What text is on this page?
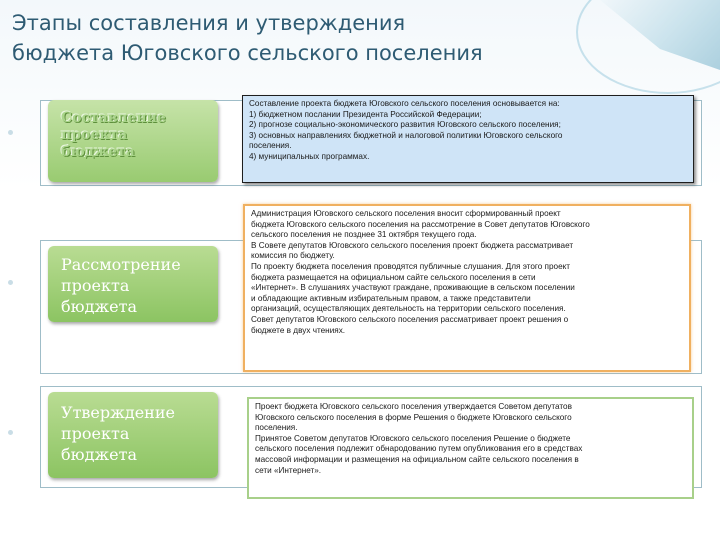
Этапы составления и утверждения
бюджета Юговского сельского поселения
Составление
проекта
бюджета
Составление проекта бюджета Юговского сельского поселения основывается на:
1) бюджетном послании Президента Российской Федерации;
2) прогнозе социально-экономического развития Юговского сельского поселения;
3) основных направлениях бюджетной и налоговой политики Юговского сельского
поселения.
4) муниципальных программах.
Рассмотрение
проекта
бюджета
Администрация Юговского сельского поселения вносит сформированный проект
бюджета Юговского сельского поселения на рассмотрение в Совет депутатов Юговского
сельского поселения не позднее 31 октября текущего года.
В Совете депутатов Юговского сельского поселения проект бюджета рассматривает
комиссия по бюджету.
По проекту бюджета поселения проводятся публичные слушания. Для этого проект
бюджета размещается на официальном сайте сельского поселения в сети
«Интернет». В слушаниях участвуют граждане, проживающие в сельском поселении
и обладающие активным избирательным правом, а также представители
организаций, осуществляющих деятельность на территории сельского поселения.
Совет депутатов Юговского сельского поселения рассматривает проект решения о
бюджете в двух чтениях.
Утверждение
проекта
бюджета
Проект бюджета Юговского сельского поселения утверждается Советом депутатов
Юговского сельского поселения в форме Решения о бюджете Юговского сельского
поселения.
Принятое Советом депутатов Юговского сельского поселения Решение о бюджете
сельского поселения подлежит обнародованию путем опубликования его в средствах
массовой информации и размещения на официальном сайте сельского поселения в
сети «Интернет».
